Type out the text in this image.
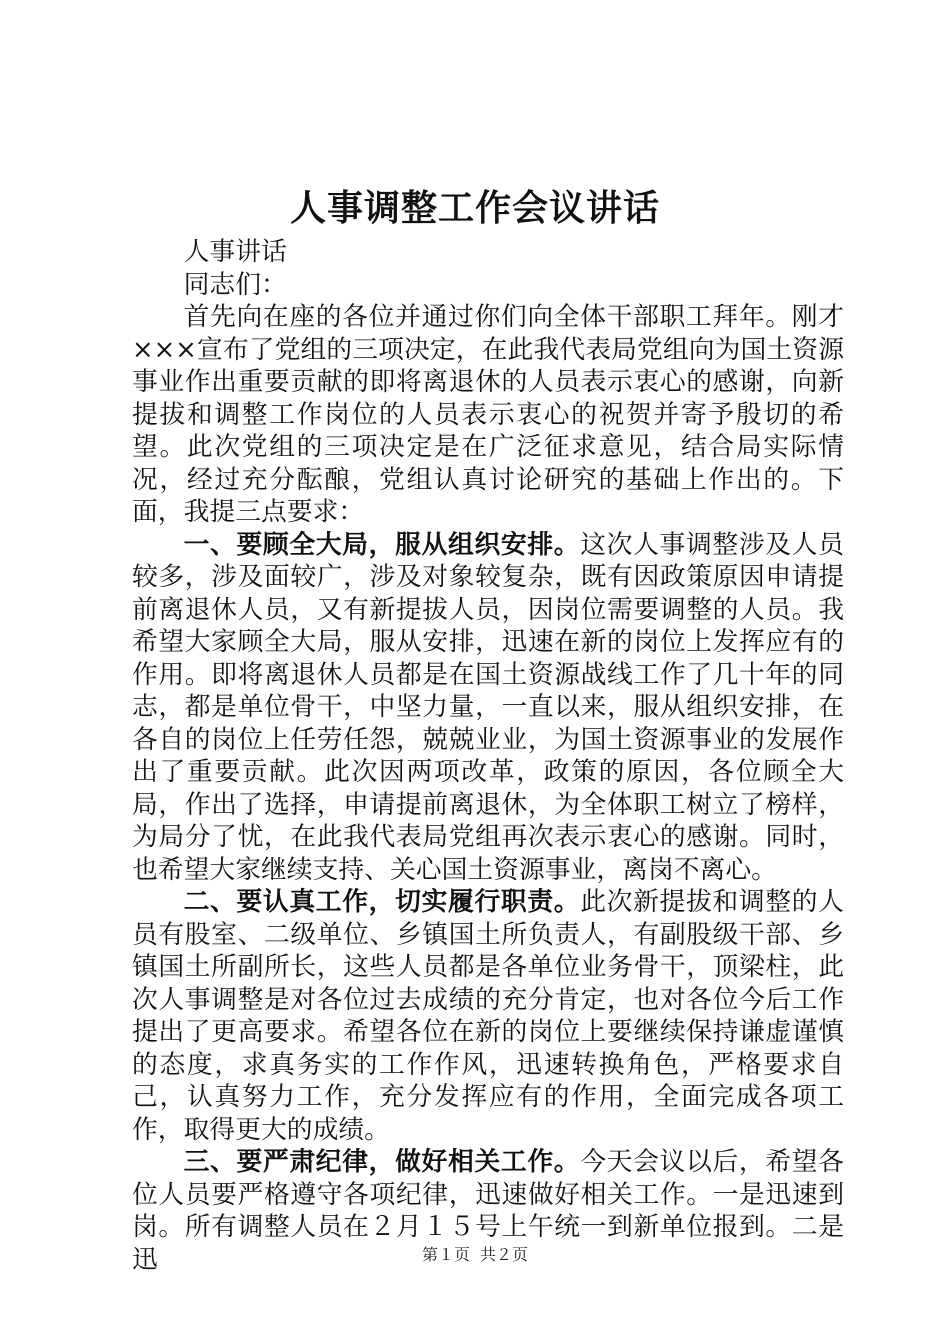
人事调整工作会议讲话

人事讲话

同志们：

首先向在座的各位并通过你们向全体干部职工拜年。刚才×××宣布了党组的三项决定，在此我代表局党组向为国土资源事业作出重要贡献的即将离退休的人员表示衷心的感谢，向新提拔和调整工作岗位的人员表示衷心的祝贺并寄予殷切的希望。此次党组的三项决定是在广泛征求意见，结合局实际情况，经过充分酝酿，党组认真讨论研究的基础上作出的。下面，我提三点要求：

一、要顾全大局，服从组织安排。这次人事调整涉及人员较多，涉及面较广，涉及对象较复杂，既有因政策原因申请提前离退休人员，又有新提拔人员，因岗位需要调整的人员。我希望大家顾全大局，服从安排，迅速在新的岗位上发挥应有的作用。即将离退休人员都是在国土资源战线工作了几十年的同志，都是单位骨干，中坚力量，一直以来，服从组织安排，在各自的岗位上任劳任怨，兢兢业业，为国土资源事业的发展作出了重要贡献。此次因两项改革，政策的原因，各位顾全大局，作出了选择，申请提前离退休，为全体职工树立了榜样，为局分了忧，在此我代表局党组再次表示衷心的感谢。同时，也希望大家继续支持、关心国土资源事业，离岗不离心。

二、要认真工作，切实履行职责。此次新提拔和调整的人员有股室、二级单位、乡镇国土所负责人，有副股级干部、乡镇国土所副所长，这些人员都是各单位业务骨干，顶梁柱，此次人事调整是对各位过去成绩的充分肯定，也对各位今后工作提出了更高要求。希望各位在新的岗位上要继续保持谦虚谨慎的态度，求真务实的工作作风，迅速转换角色，严格要求自己，认真努力工作，充分发挥应有的作用，全面完成各项工作，取得更大的成绩。

三、要严肃纪律，做好相关工作。今天会议以后，希望各位人员要严格遵守各项纪律，迅速做好相关工作。一是迅速到岗。所有调整人员在２月１５号上午统一到新单位报到。二是迅	第１页 共２页
